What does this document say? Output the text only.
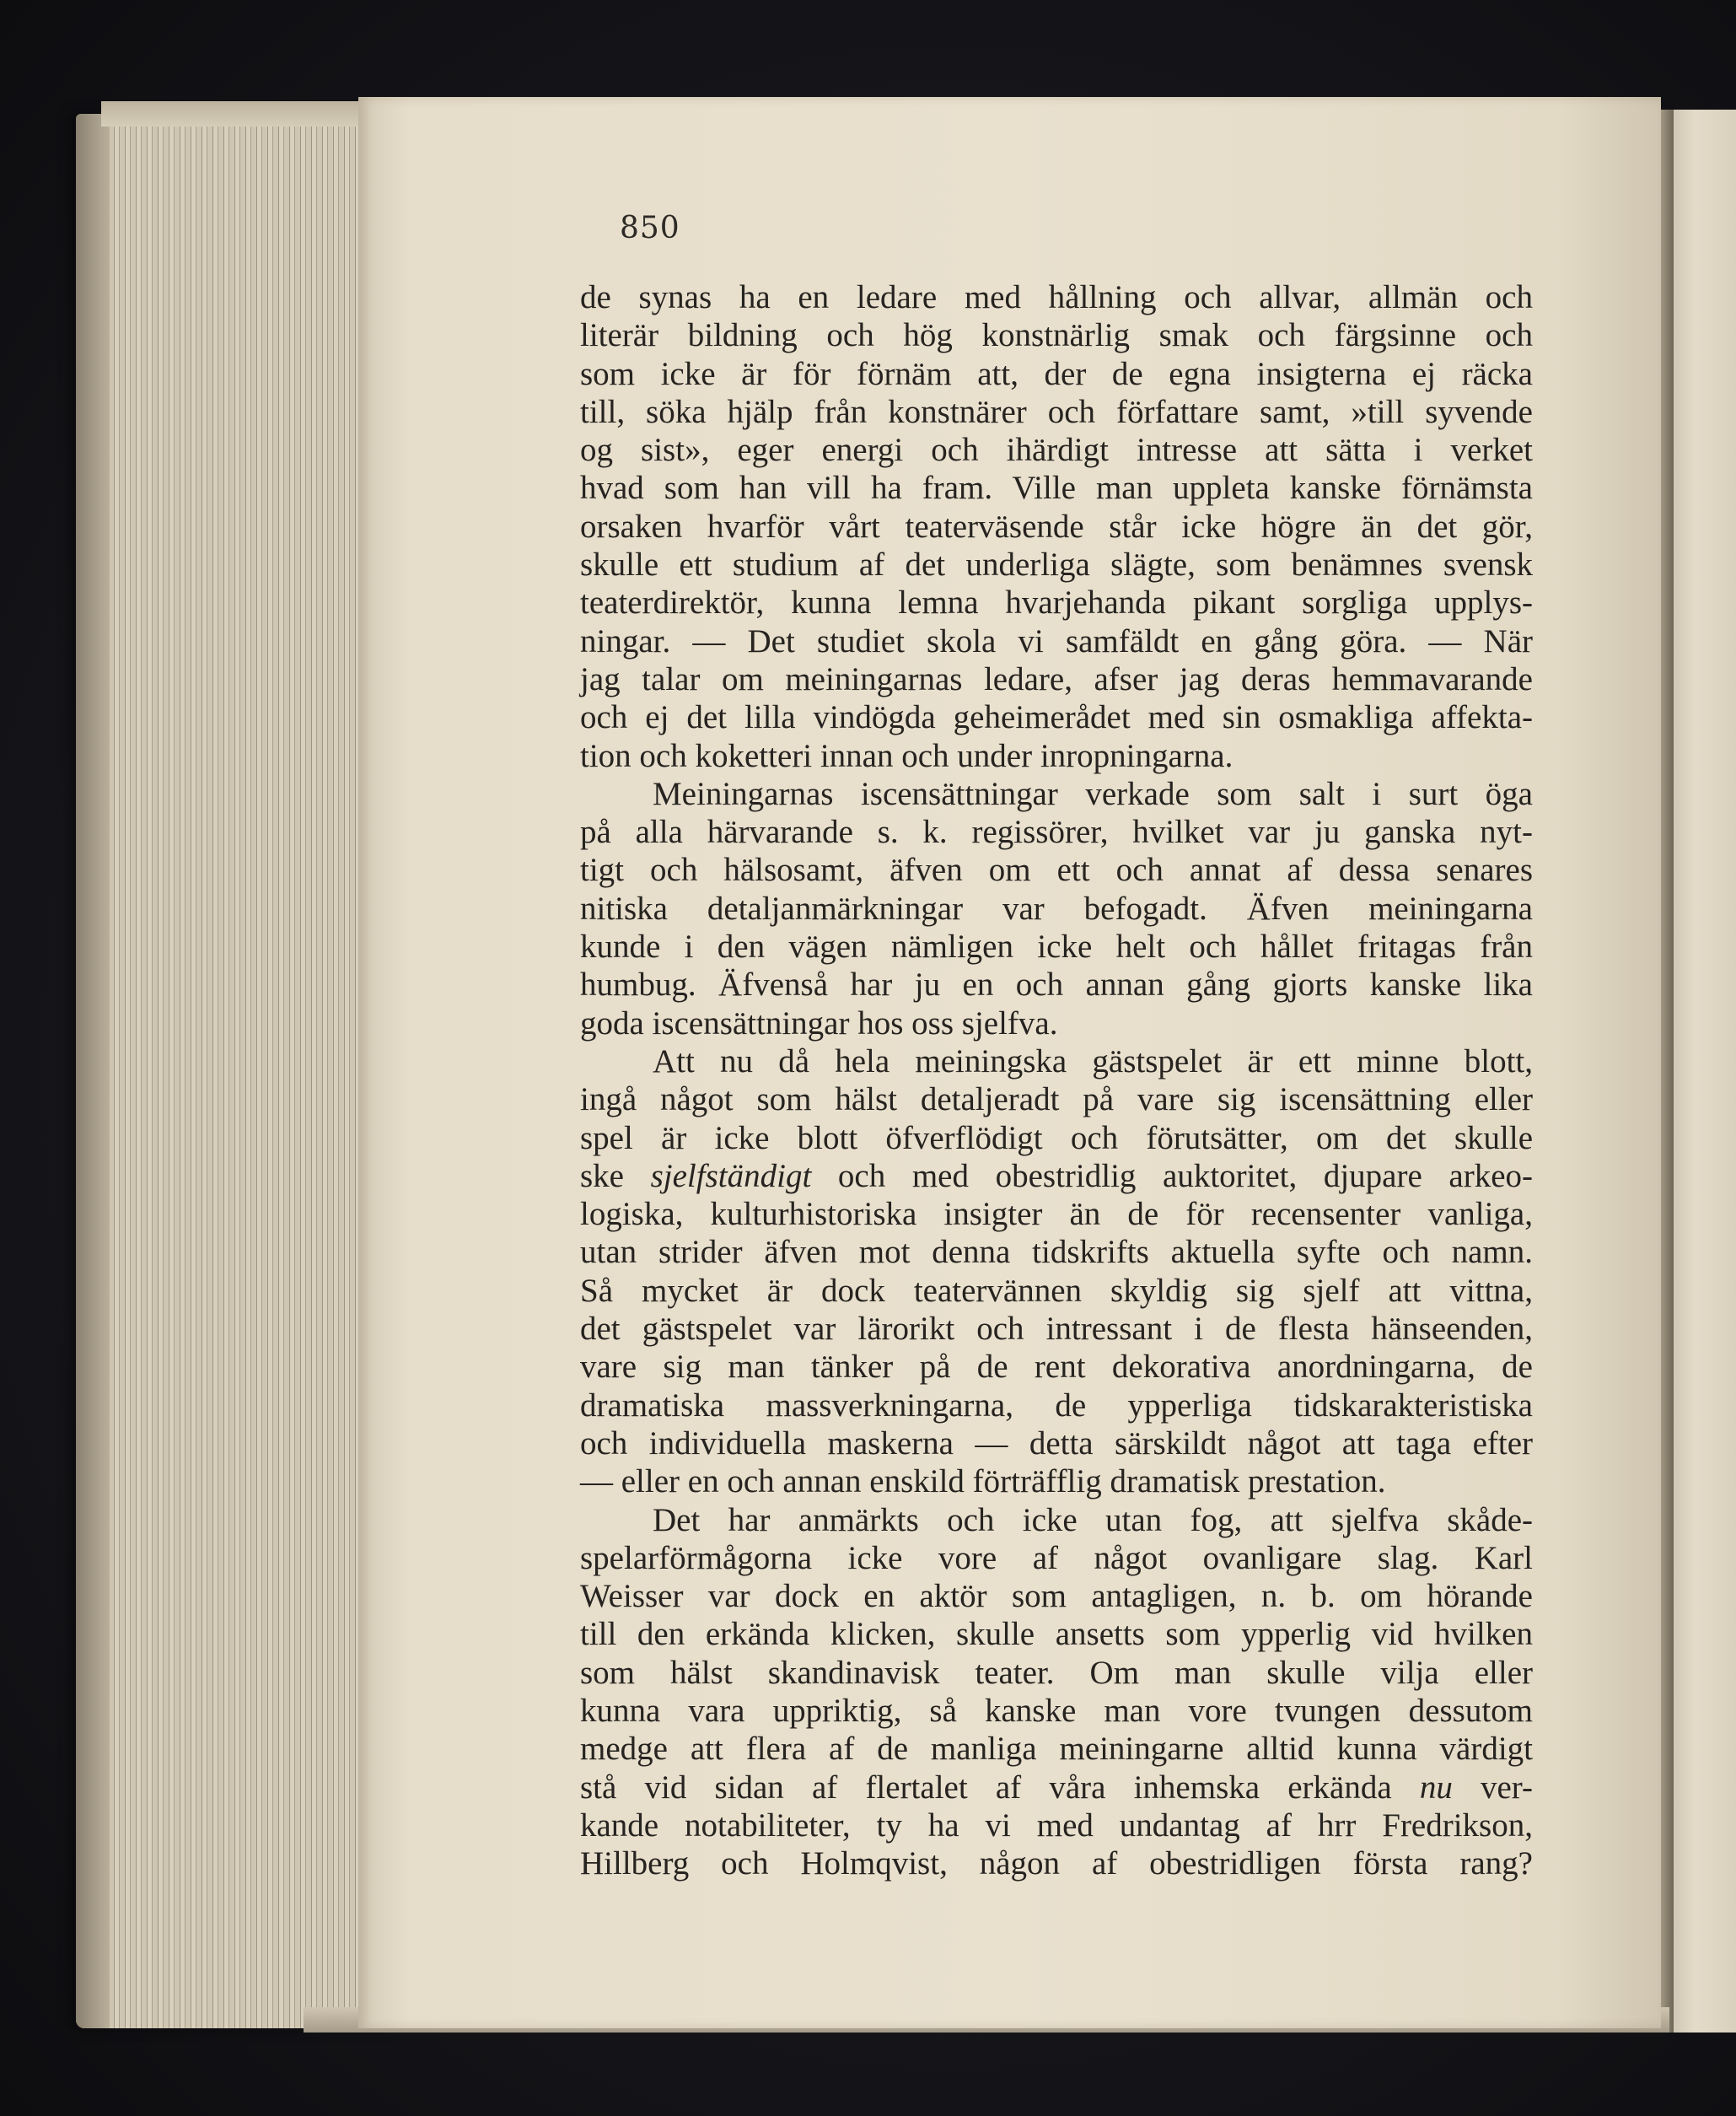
850
de synas ha en ledare med hållning och allvar, allmän och
literär bildning och hög konstnärlig smak och färgsinne och
som icke är för förnäm att, der de egna insigterna ej räcka
till, söka hjälp från konstnärer och författare samt, »till syvende
og sist», eger energi och ihärdigt intresse att sätta i verket
hvad som han vill ha fram. Ville man uppleta kanske förnämsta
orsaken hvarför vårt teaterväsende står icke högre än det gör,
skulle ett studium af det underliga slägte, som benämnes svensk
teaterdirektör, kunna lemna hvarjehanda pikant sorgliga upplys-
ningar. — Det studiet skola vi samfäldt en gång göra. — När
jag talar om meiningarnas ledare, afser jag deras hemmavarande
och ej det lilla vindögda geheimerådet med sin osmakliga affekta-
tion och koketteri innan och under inropningarna.
Meiningarnas iscensättningar verkade som salt i surt öga
på alla härvarande s. k. regissörer, hvilket var ju ganska nyt-
tigt och hälsosamt, äfven om ett och annat af dessa senares
nitiska detaljanmärkningar var befogadt. Äfven meiningarna
kunde i den vägen nämligen icke helt och hållet fritagas från
humbug. Äfvenså har ju en och annan gång gjorts kanske lika
goda iscensättningar hos oss sjelfva.
Att nu då hela meiningska gästspelet är ett minne blott,
ingå något som hälst detaljeradt på vare sig iscensättning eller
spel är icke blott öfverflödigt och förutsätter, om det skulle
ske sjelfständigt och med obestridlig auktoritet, djupare arkeo-
logiska, kulturhistoriska insigter än de för recensenter vanliga,
utan strider äfven mot denna tidskrifts aktuella syfte och namn.
Så mycket är dock teatervännen skyldig sig sjelf att vittna,
det gästspelet var lärorikt och intressant i de flesta hänseenden,
vare sig man tänker på de rent dekorativa anordningarna, de
dramatiska massverkningarna, de ypperliga tidskarakteristiska
och individuella maskerna — detta särskildt något att taga efter
— eller en och annan enskild förträfflig dramatisk prestation.
Det har anmärkts och icke utan fog, att sjelfva skåde-
spelarförmågorna icke vore af något ovanligare slag. Karl
Weisser var dock en aktör som antagligen, n. b. om hörande
till den erkända klicken, skulle ansetts som ypperlig vid hvilken
som hälst skandinavisk teater. Om man skulle vilja eller
kunna vara uppriktig, så kanske man vore tvungen dessutom
medge att flera af de manliga meiningarne alltid kunna värdigt
stå vid sidan af flertalet af våra inhemska erkända nu ver-
kande notabiliteter, ty ha vi med undantag af hrr Fredrikson,
Hillberg och Holmqvist, någon af obestridligen första rang?
